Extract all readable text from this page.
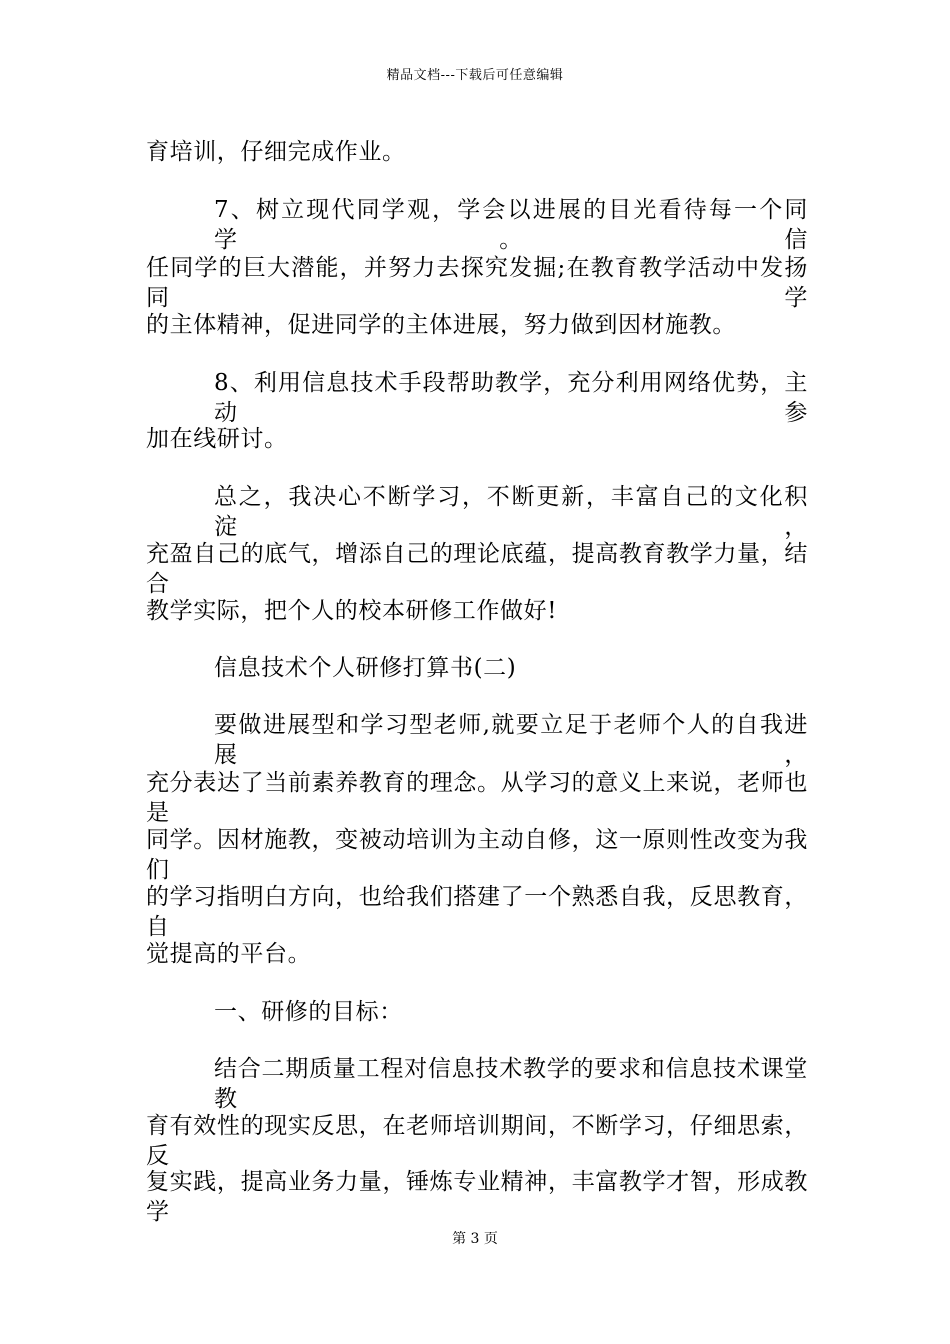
精品文档---下载后可任意编辑
育培训，仔细完成作业。
7、树立现代同学观，学会以进展的目光看待每一个同学。信
任同学的巨大潜能，并努力去探究发掘;在教育教学活动中发扬同学
的主体精神，促进同学的主体进展，努力做到因材施教。
8、利用信息技术手段帮助教学，充分利用网络优势，主动参
加在线研讨。
总之，我决心不断学习，不断更新，丰富自己的文化积淀，
充盈自己的底气，增添自己的理论底蕴，提高教育教学力量，结合
教学实际，把个人的校本研修工作做好!
信息技术个人研修打算书(二)
要做进展型和学习型老师,就要立足于老师个人的自我进展，
充分表达了当前素养教育的理念。从学习的意义上来说，老师也是
同学。因材施教，变被动培训为主动自修，这一原则性改变为我们
的学习指明白方向，也给我们搭建了一个熟悉自我，反思教育，自
觉提高的平台。
一、研修的目标：
结合二期质量工程对信息技术教学的要求和信息技术课堂教
育有效性的现实反思，在老师培训期间，不断学习，仔细思索，反
复实践，提高业务力量，锤炼专业精神，丰富教学才智，形成教学
第 3 页
